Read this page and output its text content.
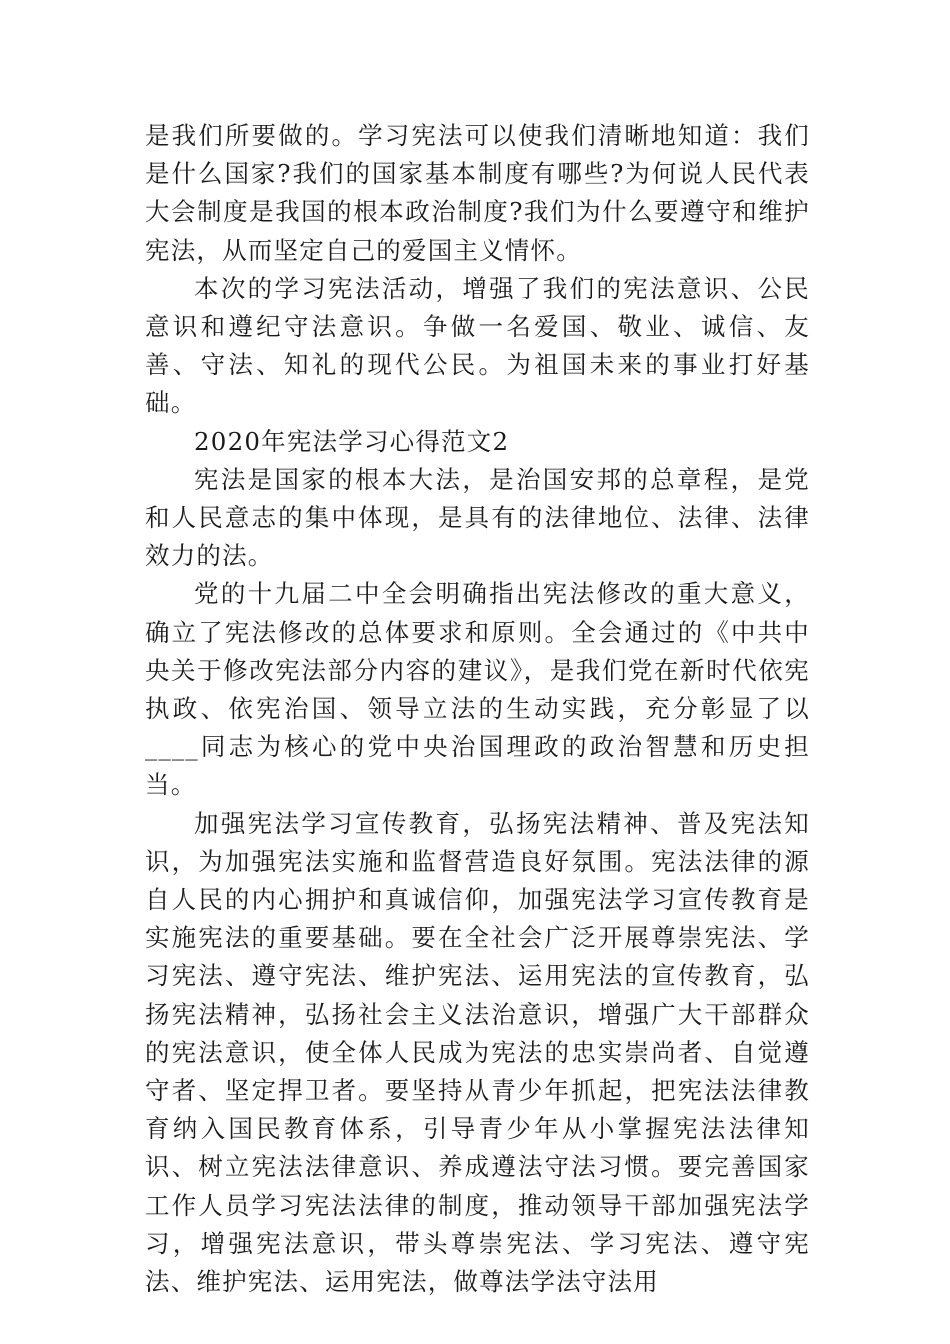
是我们所要做的。学习宪法可以使我们清晰地知道：我们是什么国家?我们的国家基本制度有哪些?为何说人民代表大会制度是我国的根本政治制度?我们为什么要遵守和维护宪法，从而坚定自己的爱国主义情怀。

本次的学习宪法活动，增强了我们的宪法意识、公民意识和遵纪守法意识。争做一名爱国、敬业、诚信、友善、守法、知礼的现代公民。为祖国未来的事业打好基础。

2020年宪法学习心得范文2

宪法是国家的根本大法，是治国安邦的总章程，是党和人民意志的集中体现，是具有的法律地位、法律、法律效力的法。

党的十九届二中全会明确指出宪法修改的重大意义，确立了宪法修改的总体要求和原则。全会通过的《中共中央关于修改宪法部分内容的建议》，是我们党在新时代依宪执政、依宪治国、领导立法的生动实践，充分彰显了以____同志为核心的党中央治国理政的政治智慧和历史担当。

加强宪法学习宣传教育，弘扬宪法精神、普及宪法知识，为加强宪法实施和监督营造良好氛围。宪法法律的源自人民的内心拥护和真诚信仰，加强宪法学习宣传教育是实施宪法的重要基础。要在全社会广泛开展尊崇宪法、学习宪法、遵守宪法、维护宪法、运用宪法的宣传教育，弘扬宪法精神，弘扬社会主义法治意识，增强广大干部群众的宪法意识，使全体人民成为宪法的忠实崇尚者、自觉遵守者、坚定捍卫者。要坚持从青少年抓起，把宪法法律教育纳入国民教育体系，引导青少年从小掌握宪法法律知识、树立宪法法律意识、养成遵法守法习惯。要完善国家工作人员学习宪法法律的制度，推动领导干部加强宪法学习，增强宪法意识，带头尊崇宪法、学习宪法、遵守宪法、维护宪法、运用宪法，做尊法学法守法用
